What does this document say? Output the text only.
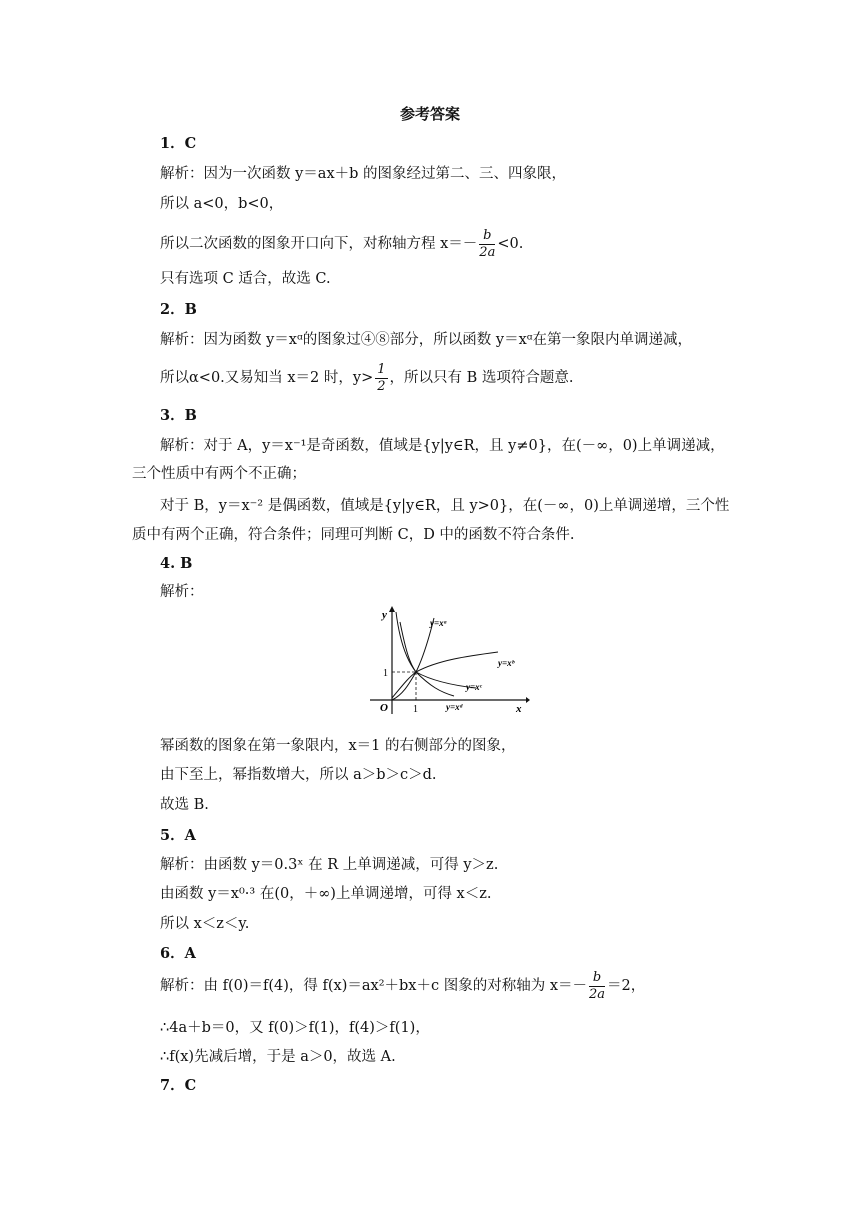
参考答案
1．C
解析：因为一次函数 y＝ax＋b 的图象经过第二、三、四象限，
所以 a<0，b<0，
所以二次函数的图象开口向下，对称轴方程 $x=- \frac{b}{2a} <0$.
只有选项 C 适合，故选 C.
2．B
解析：因为函数 y＝xᵅ的图象过④⑧部分，所以函数 y＝xᵅ在第一象限内单调递减，
所以α<0.又易知当 x＝2 时，$y> \frac{1}{2}$ ，所以只有 B 选项符合题意.
3．B
解析：对于 A，y＝x⁻¹是奇函数，值域是{y|y∈R，且 y≠0}，在(－∞，0)上单调递减，
三个性质中有两个不正确；
对于 B，y＝x⁻² 是偶函数，值域是{y|y∈R，且 y>0}，在(－∞，0)上单调递增，三个性
质中有两个正确，符合条件；同理可判断 C，D 中的函数不符合条件.
4. B
解析：
y
x
O	1
1
y=xᵃ
y=xᵇ
y=xᶜ
y=xᵈ
幂函数的图象在第一象限内，x＝1 的右侧部分的图象，
由下至上，幂指数增大，所以 a＞b＞c＞d.
故选 B.
5．A
解析：由函数 y＝0.3ˣ 在 R 上单调递减，可得 y＞z.
由函数 y＝x⁰·³ 在(0，＋∞)上单调递增，可得 x＜z.
所以 x＜z＜y.
6．A
解析：由 f(0)＝f(4)，得 f(x)＝ax²＋bx＋c 图象的对称轴为 $x=- \frac{b}{2a} =2$，
∴4a＋b＝0，又 f(0)＞f(1)，f(4)＞f(1)，
∴f(x)先减后增，于是 a＞0，故选 A.
7．C
